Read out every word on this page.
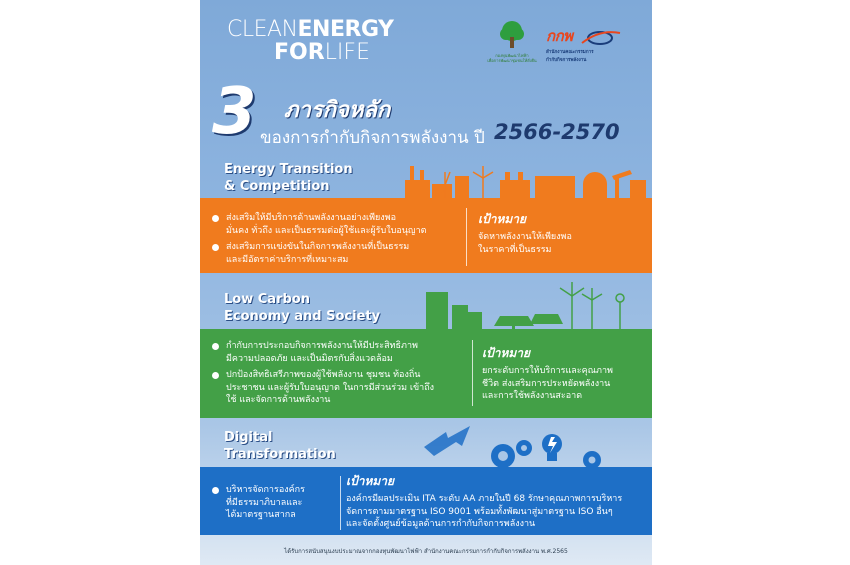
CLEANENERGY
FORLIFE	กองทุนพัฒนาไฟฟ้า
เพื่อการพัฒนาชุมชนให้ยั่งยืน
กกพ
สำนักงานคณะกรรมการ
กำกับกิจการพลังงาน
3 ภารกิจหลัก
ของการกำกับกิจการพลังงาน ปี 2566-2570
Energy Transition
& Competition
ส่งเสริมให้มีบริการด้านพลังงานอย่างเพียงพอ
มั่นคง ทั่วถึง และเป็นธรรมต่อผู้ใช้และผู้รับใบอนุญาต
ส่งเสริมการแข่งขันในกิจการพลังงานที่เป็นธรรม
และมีอัตราค่าบริการที่เหมาะสม
เป้าหมาย
จัดหาพลังงานให้เพียงพอ
ในราคาที่เป็นธรรม
Low Carbon
Economy and Society
กำกับการประกอบกิจการพลังงานให้มีประสิทธิภาพ
มีความปลอดภัย และเป็นมิตรกับสิ่งแวดล้อม
ปกป้องสิทธิเสรีภาพของผู้ใช้พลังงาน ชุมชน ท้องถิ่น
ประชาชน และผู้รับใบอนุญาต ในการมีส่วนร่วม เข้าถึง
ใช้ และจัดการด้านพลังงาน
เป้าหมาย
ยกระดับการให้บริการและคุณภาพ
ชีวิต ส่งเสริมการประหยัดพลังงาน
และการใช้พลังงานสะอาด
Digital
Transformation
บริหารจัดการองค์กร
ที่มีธรรมาภิบาลและ
ได้มาตรฐานสากล
เป้าหมาย
องค์กรมีผลประเมิน ITA ระดับ AA ภายในปี 68 รักษาคุณภาพการบริหาร
จัดการตามมาตรฐาน ISO 9001 พร้อมทั้งพัฒนาสู่มาตรฐาน ISO อื่นๆ
และจัดตั้งศูนย์ข้อมูลด้านการกำกับกิจการพลังงาน
ได้รับการสนับสนุนงบประมาณจากกองทุนพัฒนาไฟฟ้า สำนักงานคณะกรรมการกำกับกิจการพลังงาน พ.ศ.2565
